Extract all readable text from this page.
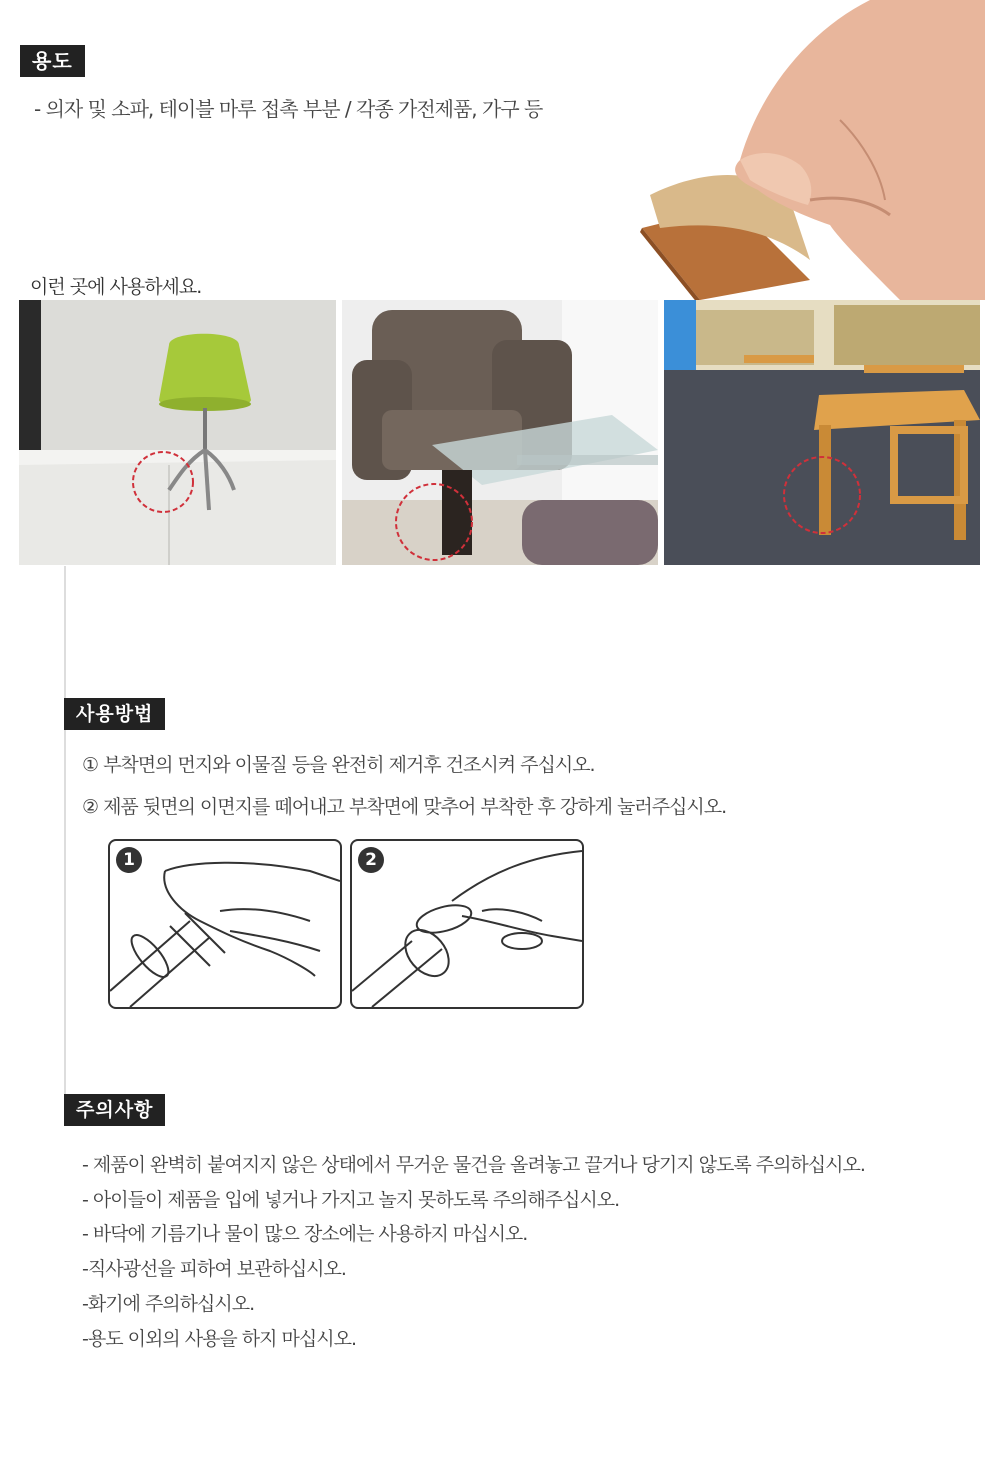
용도
- 의자 및 소파, 테이블 마루 접촉 부분 / 각종 가전제품, 가구 등
이런 곳에 사용하세요.
사용방법
① 부착면의 먼지와 이물질 등을 완전히 제거후 건조시켜 주십시오.
② 제품 뒷면의 이면지를 떼어내고 부착면에 맞추어 부착한 후 강하게 눌러주십시오.
1	2
주의사항
- 제품이 완벽히 붙여지지 않은 상태에서 무거운 물건을 올려놓고 끌거나 당기지 않도록 주의하십시오.
- 아이들이 제품을 입에 넣거나 가지고 놀지 못하도록 주의해주십시오.
- 바닥에 기름기나 물이 많으 장소에는 사용하지 마십시오.
-직사광선을 피하여 보관하십시오.
-화기에 주의하십시오.
-용도 이외의 사용을 하지 마십시오.
